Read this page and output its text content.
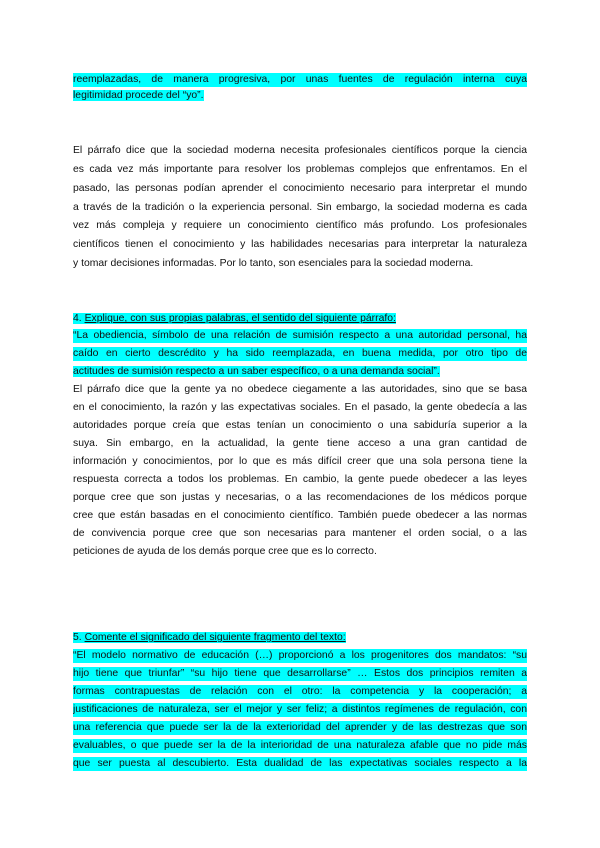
reemplazadas, de manera progresiva, por unas fuentes de regulación interna cuya
legitimidad procede del “yo”.
El párrafo dice que la sociedad moderna necesita profesionales científicos porque la ciencia
es cada vez más importante para resolver los problemas complejos que enfrentamos. En el
pasado, las personas podían aprender el conocimiento necesario para interpretar el mundo
a través de la tradición o la experiencia personal. Sin embargo, la sociedad moderna es cada
vez más compleja y requiere un conocimiento científico más profundo. Los profesionales
científicos tienen el conocimiento y las habilidades necesarias para interpretar la naturaleza
y tomar decisiones informadas. Por lo tanto, son esenciales para la sociedad moderna.
4. Explique, con sus propias palabras, el sentido del siguiente párrafo:
“La obediencia, símbolo de una relación de sumisión respecto a una autoridad personal, ha
caído en cierto descrédito y ha sido reemplazada, en buena medida, por otro tipo de
actitudes de sumisión respecto a un saber específico, o a una demanda social”.
El párrafo dice que la gente ya no obedece ciegamente a las autoridades, sino que se basa
en el conocimiento, la razón y las expectativas sociales. En el pasado, la gente obedecía a las
autoridades porque creía que estas tenían un conocimiento o una sabiduría superior a la
suya. Sin embargo, en la actualidad, la gente tiene acceso a una gran cantidad de
información y conocimientos, por lo que es más difícil creer que una sola persona tiene la
respuesta correcta a todos los problemas. En cambio, la gente puede obedecer a las leyes
porque cree que son justas y necesarias, o a las recomendaciones de los médicos porque
cree que están basadas en el conocimiento científico. También puede obedecer a las normas
de convivencia porque cree que son necesarias para mantener el orden social, o a las
peticiones de ayuda de los demás porque cree que es lo correcto.
5. Comente el significado del siguiente fragmento del texto:
“El modelo normativo de educación (…) proporcionó a los progenitores dos mandatos: “su
hijo tiene que triunfar” “su hijo tiene que desarrollarse” … Estos dos principios remiten a
formas contrapuestas de relación con el otro: la competencia y la cooperación; a
justificaciones de naturaleza, ser el mejor y ser feliz; a distintos regímenes de regulación, con
una referencia que puede ser la de la exterioridad del aprender y de las destrezas que son
evaluables, o que puede ser la de la interioridad de una naturaleza afable que no pide más
que ser puesta al descubierto. Esta dualidad de las expectativas sociales respecto a la
